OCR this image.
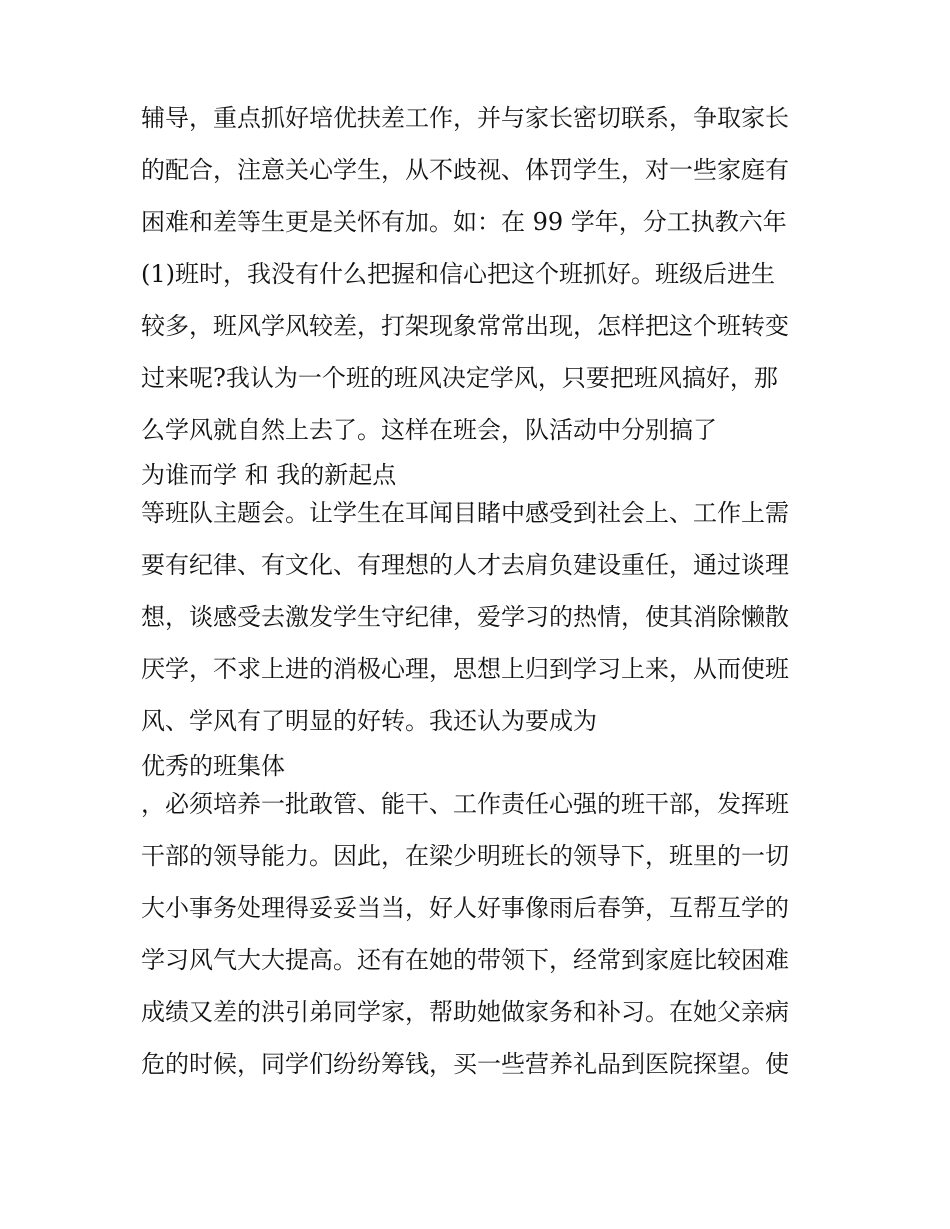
辅导，重点抓好培优扶差工作，并与家长密切联系，争取家长

的配合，注意关心学生，从不歧视、体罚学生，对一些家庭有

困难和差等生更是关怀有加。如：在 99 学年，分工执教六年

(1)班时，我没有什么把握和信心把这个班抓好。班级后进生

较多，班风学风较差，打架现象常常出现，怎样把这个班转变

过来呢?我认为一个班的班风决定学风，只要把班风搞好，那

么学风就自然上去了。这样在班会，队活动中分别搞了

为谁而学 和 我的新起点

等班队主题会。让学生在耳闻目睹中感受到社会上、工作上需

要有纪律、有文化、有理想的人才去肩负建设重任，通过谈理

想，谈感受去激发学生守纪律，爱学习的热情，使其消除懒散

厌学，不求上进的消极心理，思想上归到学习上来，从而使班

风、学风有了明显的好转。我还认为要成为

优秀的班集体

，必须培养一批敢管、能干、工作责任心强的班干部，发挥班

干部的领导能力。因此，在梁少明班长的领导下，班里的一切

大小事务处理得妥妥当当，好人好事像雨后春笋，互帮互学的

学习风气大大提高。还有在她的带领下，经常到家庭比较困难

成绩又差的洪引弟同学家，帮助她做家务和补习。在她父亲病

危的时候，同学们纷纷筹钱，买一些营养礼品到医院探望。使
